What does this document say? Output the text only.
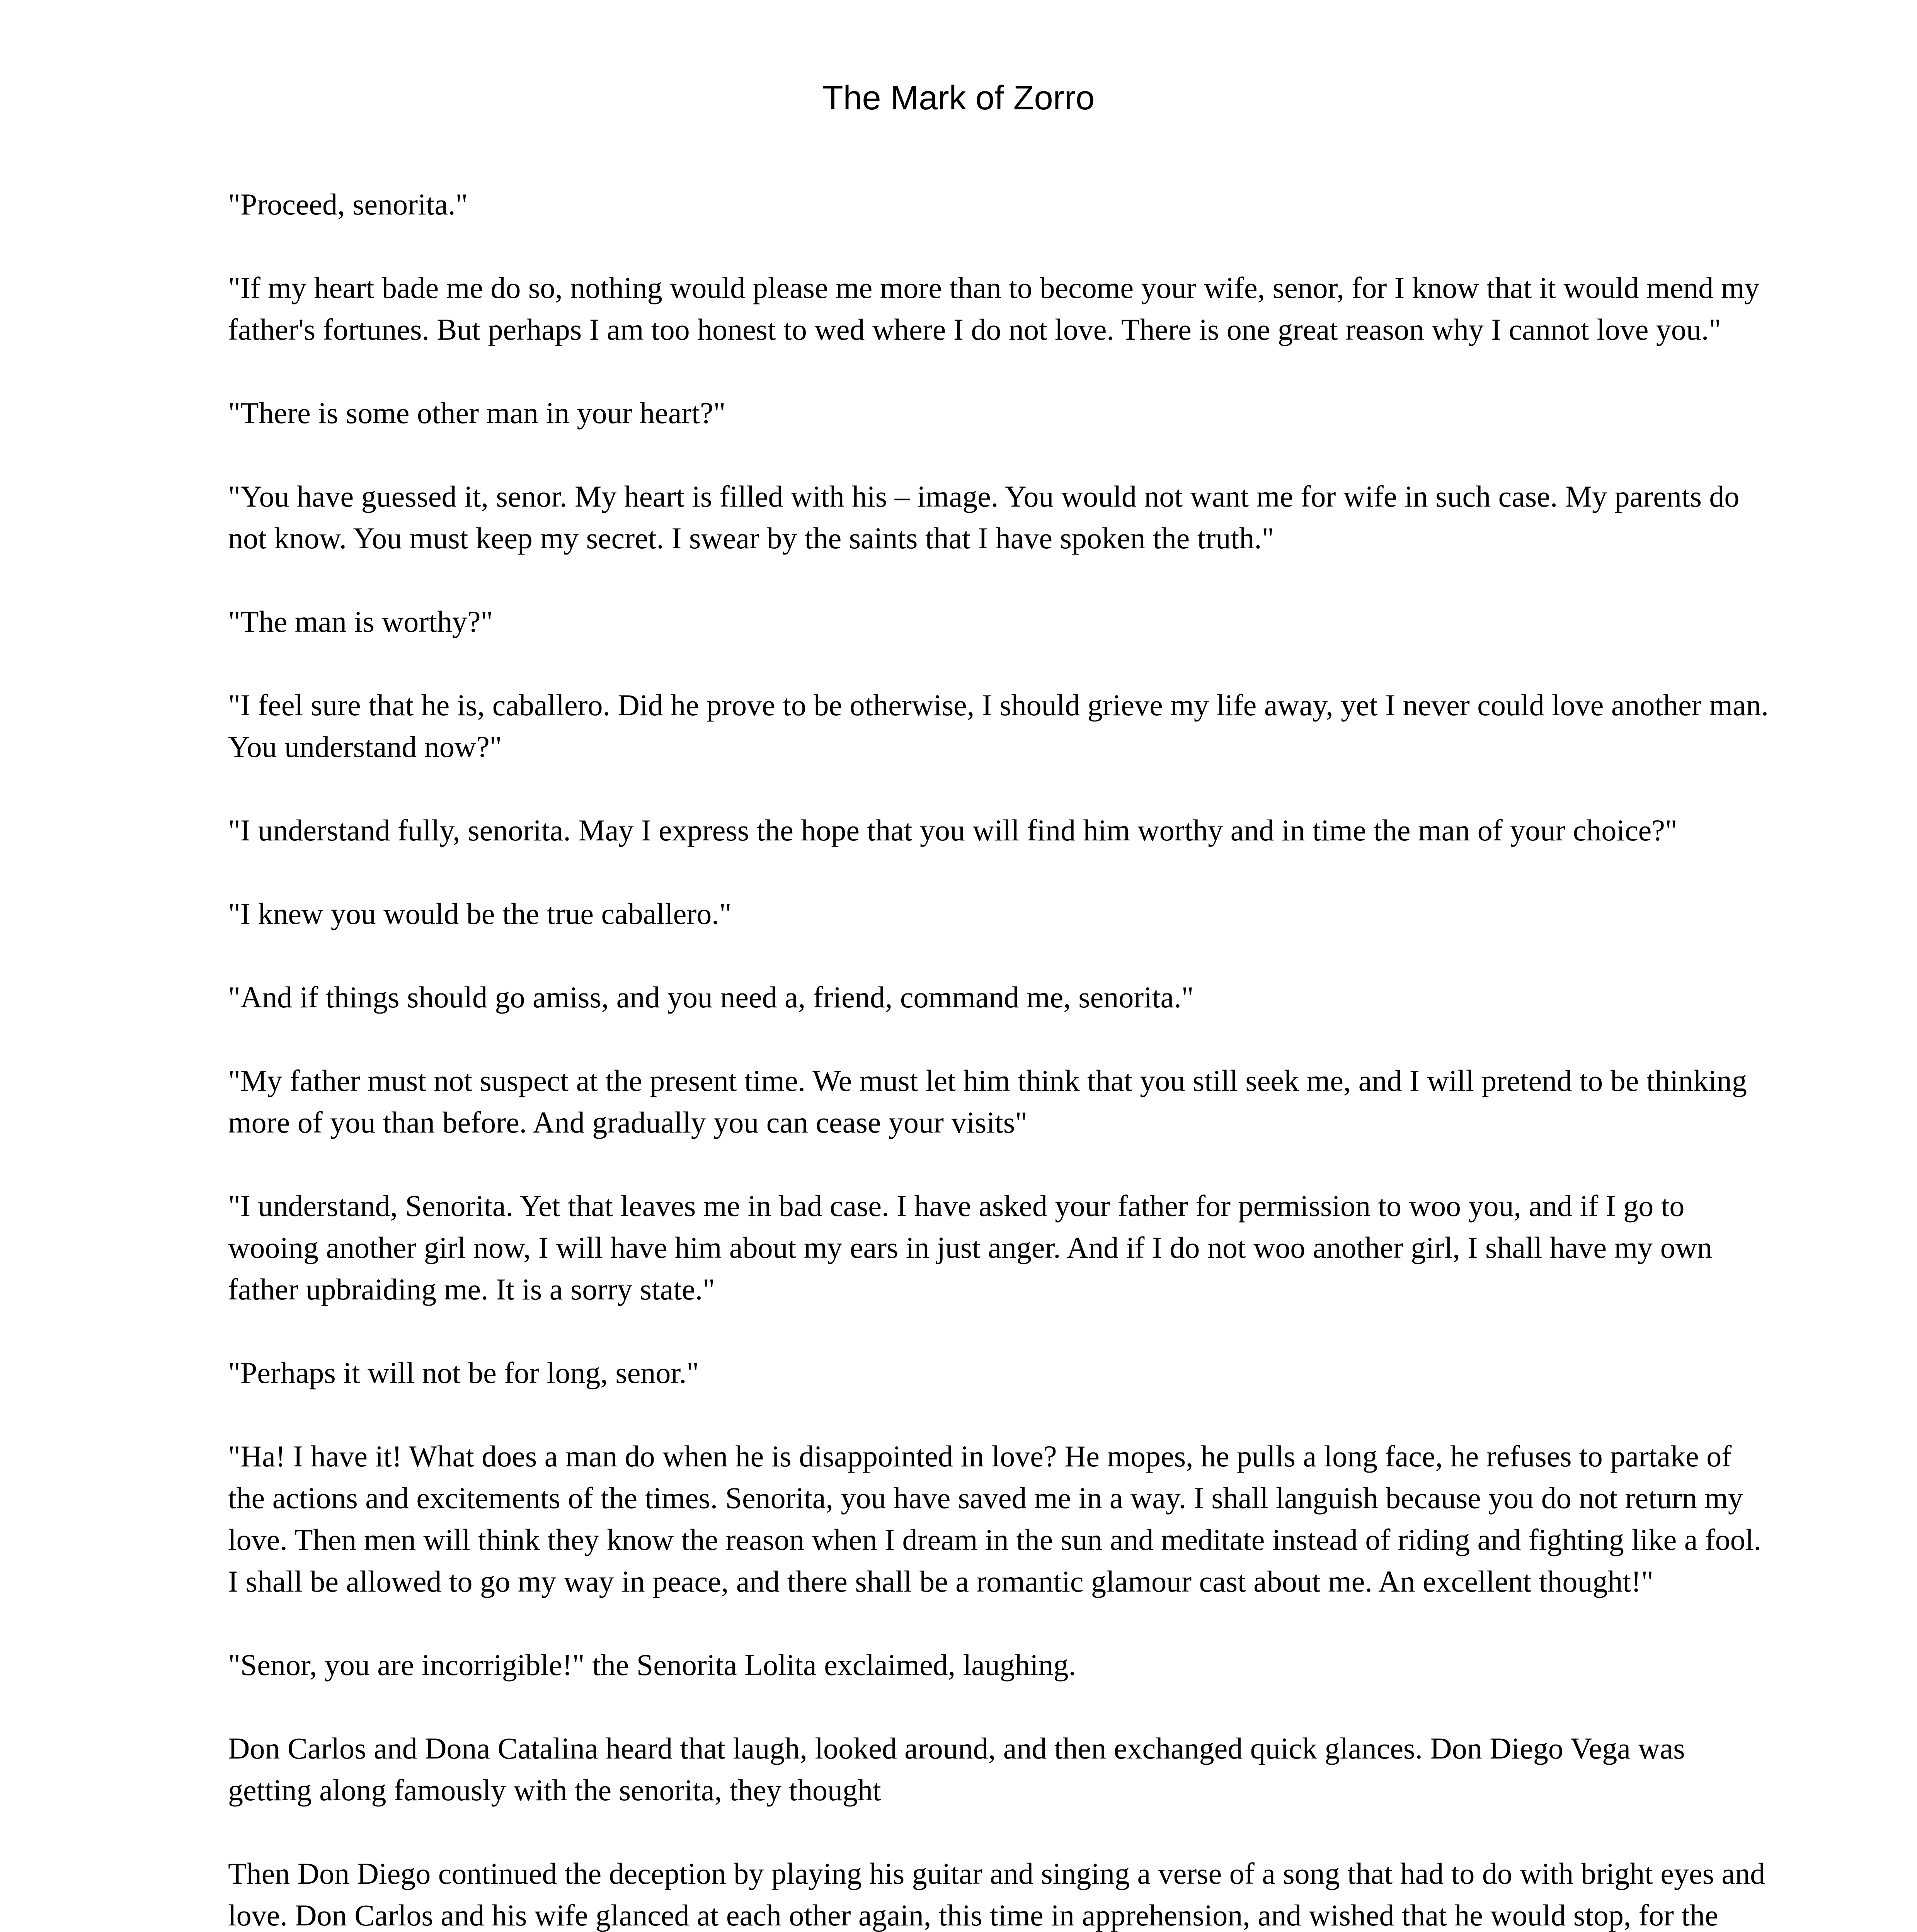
The Mark of Zorro

"Proceed, senorita."

"If my heart bade me do so, nothing would please me more than to become your wife, senor, for I know that it would mend my father's fortunes. But perhaps I am too honest to wed where I do not love. There is one great reason why I cannot love you."

"There is some other man in your heart?"

"You have guessed it, senor. My heart is filled with his – image. You would not want me for wife in such case. My parents do not know. You must keep my secret. I swear by the saints that I have spoken the truth."

"The man is worthy?"

"I feel sure that he is, caballero. Did he prove to be otherwise, I should grieve my life away, yet I never could love another man. You understand now?"

"I understand fully, senorita. May I express the hope that you will find him worthy and in time the man of your choice?"

"I knew you would be the true caballero."

"And if things should go amiss, and you need a, friend, command me, senorita."

"My father must not suspect at the present time. We must let him think that you still seek me, and I will pretend to be thinking more of you than before. And gradually you can cease your visits"

"I understand, Senorita. Yet that leaves me in bad case. I have asked your father for permission to woo you, and if I go to wooing another girl now, I will have him about my ears in just anger. And if I do not woo another girl, I shall have my own father upbraiding me. It is a sorry state."

"Perhaps it will not be for long, senor."

"Ha! I have it! What does a man do when he is disappointed in love? He mopes, he pulls a long face, he refuses to partake of the actions and excitements of the times. Senorita, you have saved me in a way. I shall languish because you do not return my love. Then men will think they know the reason when I dream in the sun and meditate instead of riding and fighting like a fool. I shall be allowed to go my way in peace, and there shall be a romantic glamour cast about me. An excellent thought!"

"Senor, you are incorrigible!" the Senorita Lolita exclaimed, laughing.

Don Carlos and Dona Catalina heard that laugh, looked around, and then exchanged quick glances. Don Diego Vega was getting along famously with the senorita, they thought

Then Don Diego continued the deception by playing his guitar and singing a verse of a song that had to do with bright eyes and love. Don Carlos and his wife glanced at each other again, this time in apprehension, and wished that he would stop, for the
